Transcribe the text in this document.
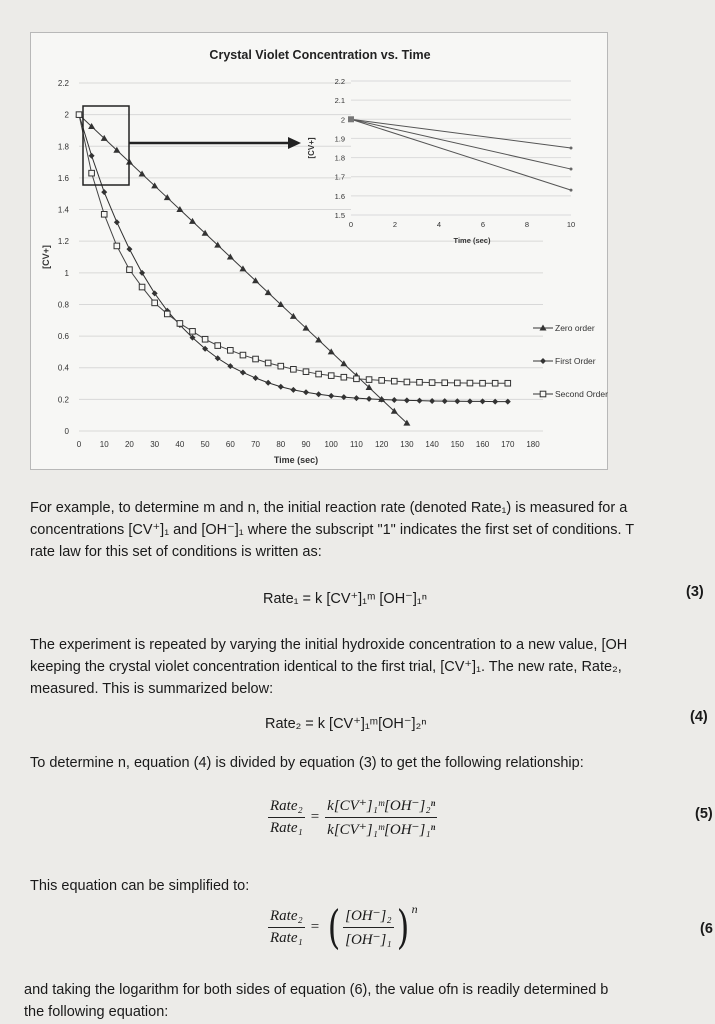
Crystal Violet Concentration vs. Time
0
0.2
0.4
0.6
0.8
1
1.2
1.4
1.6
1.8
2
2.2
0 10 20 30 40 50 60 70 80 90 100 110 120 130 140 150 160 170 180
Time (sec)
[CV+]
Zero order
First Order
Second Order
1.5
1.6
1.7
1.8
1.9
2
2.1
2.2
0	2	4	6	8	10
Time (sec)
[CV+]
For example, to determine m and n, the initial reaction rate (denoted Rate₁) is measured for a
concentrations [CV⁺]₁ and [OH⁻]₁ where the subscript "1" indicates the first set of conditions. T
rate law for this set of conditions is written as:
Rate₁ = k [CV⁺]₁ᵐ [OH⁻]₁ⁿ	(3)
The experiment is repeated by varying the initial hydroxide concentration to a new value, [OH
keeping the crystal violet concentration identical to the first trial, [CV⁺]₁. The new rate, Rate₂,
measured. This is summarized below:
Rate₂ = k [CV⁺]₁ᵐ[OH⁻]₂ⁿ	(4)
To determine n, equation (4) is divided by equation (3) to get the following relationship:
$\frac{\text{Rate₂}}{\text{Rate₁}} = \frac{\text{k[CV⁺]₁ᵐ[OH⁻]₂ⁿ}}{\text{k[CV⁺]₁ᵐ[OH⁻]₁ⁿ}}$	(5)
This equation can be simplified to:
$\frac{\text{Rate₂}}{\text{Rate₁}}$ = ( $\frac{\text{[OH⁻]₂}}{\text{[OH⁻]₁}}$ ) n
(6
and taking the logarithm for both sides of equation (6), the value ofn is readily determined b
the following equation:
